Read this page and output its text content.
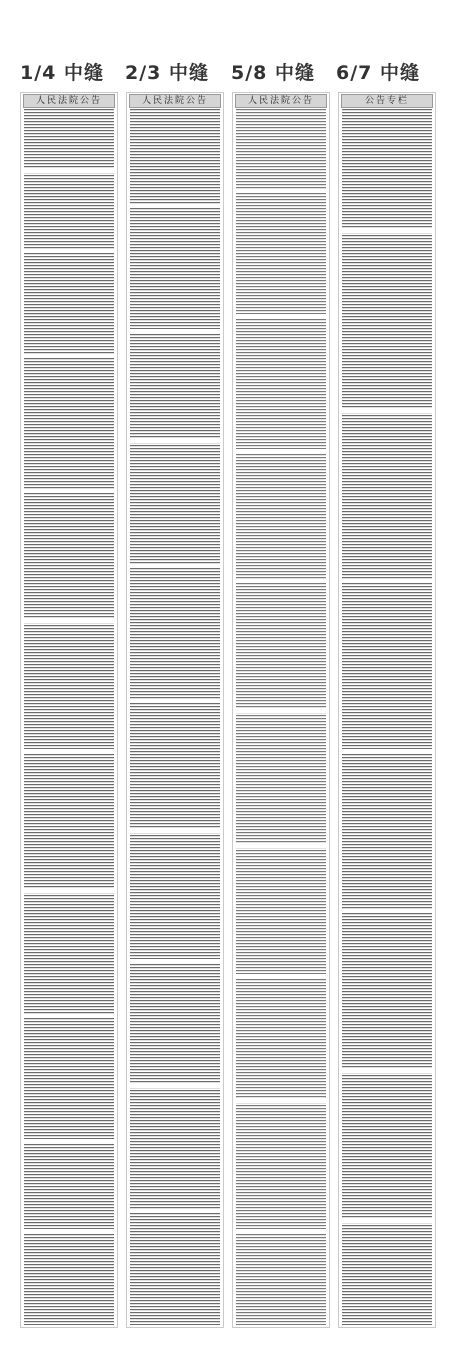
1/4 中缝	2/3 中缝	5/8 中缝	6/7 中缝
人民法院公告	人民法院公告	人民法院公告	公告专栏
